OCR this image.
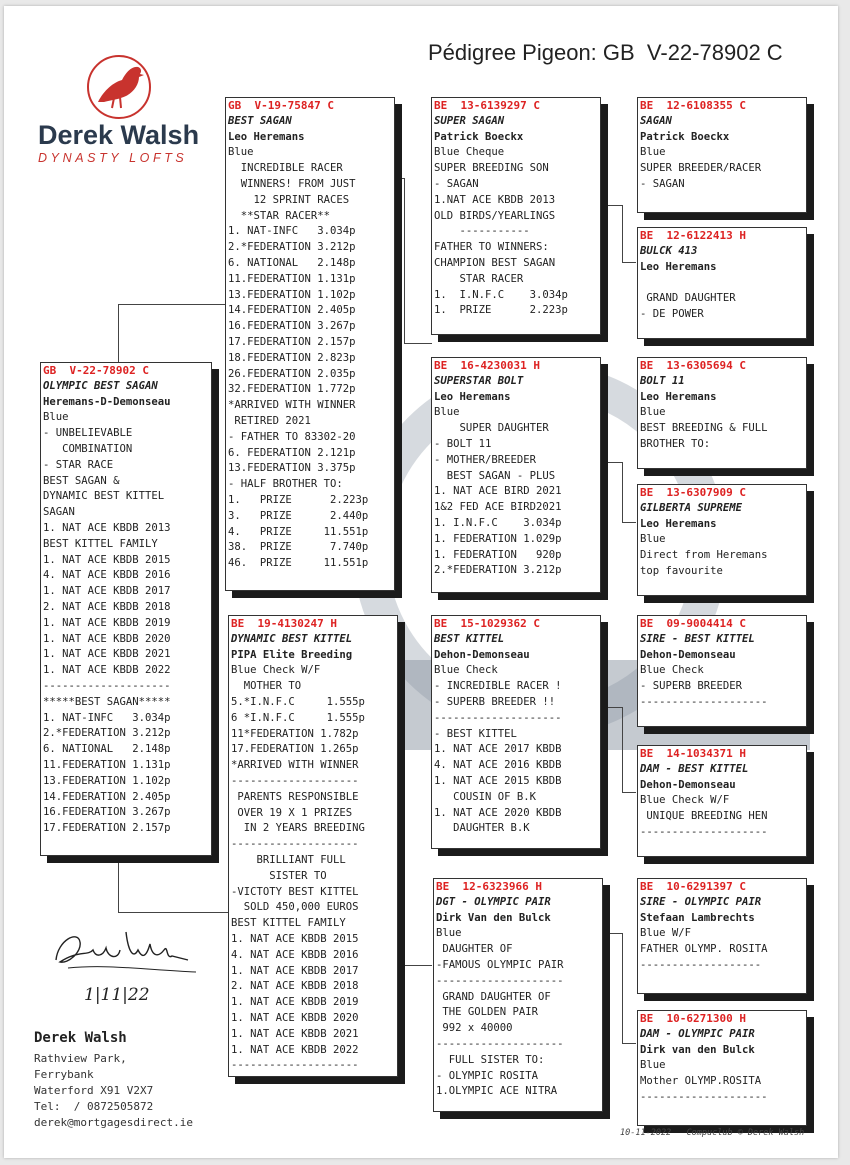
Pédigree Pigeon: GB  V-22-78902 C
Derek Walsh
DYNASTY LOFTS
GB  V-22-78902 C
OLYMPIC BEST SAGAN
Heremans-D-Demonseau
Blue
- UNBELIEVABLE
COMBINATION
- STAR RACE
BEST SAGAN &
DYNAMIC BEST KITTEL
SAGAN
1. NAT ACE KBDB 2013
BEST KITTEL FAMILY
1. NAT ACE KBDB 2015
4. NAT ACE KBDB 2016
1. NAT ACE KBDB 2017
2. NAT ACE KBDB 2018
1. NAT ACE KBDB 2019
1. NAT ACE KBDB 2020
1. NAT ACE KBDB 2021
1. NAT ACE KBDB 2022
--------------------
*****BEST SAGAN*****
1. NAT-INFC   3.034p
2.*FEDERATION 3.212p
6. NATIONAL   2.148p
11.FEDERATION 1.131p
13.FEDERATION 1.102p
14.FEDERATION 2.405p
16.FEDERATION 3.267p
17.FEDERATION 2.157p
GB  V-19-75847 C
BEST SAGAN
Leo Heremans
Blue
INCREDIBLE RACER
WINNERS! FROM JUST
12 SPRINT RACES
**STAR RACER**
1. NAT-INFC   3.034p
2.*FEDERATION 3.212p
6. NATIONAL   2.148p
11.FEDERATION 1.131p
13.FEDERATION 1.102p
14.FEDERATION 2.405p
16.FEDERATION 3.267p
17.FEDERATION 2.157p
18.FEDERATION 2.823p
26.FEDERATION 2.035p
32.FEDERATION 1.772p
*ARRIVED WITH WINNER
RETIRED 2021
- FATHER TO 83302-20
6. FEDERATION 2.121p
13.FEDERATION 3.375p
- HALF BROTHER TO:
1.   PRIZE      2.223p
3.   PRIZE      2.440p
4.   PRIZE     11.551p
38.  PRIZE      7.740p
46.  PRIZE     11.551p
BE  19-4130247 H
DYNAMIC BEST KITTEL
PIPA Elite Breeding
Blue Check W/F
MOTHER TO
5.*I.N.F.C     1.555p
6 *I.N.F.C     1.555p
11*FEDERATION 1.782p
17.FEDERATION 1.265p
*ARRIVED WITH WINNER
--------------------
PARENTS RESPONSIBLE
OVER 19 X 1 PRIZES
IN 2 YEARS BREEDING
--------------------
BRILLIANT FULL
SISTER TO
-VICTOTY BEST KITTEL
SOLD 450,000 EUROS
BEST KITTEL FAMILY
1. NAT ACE KBDB 2015
4. NAT ACE KBDB 2016
1. NAT ACE KBDB 2017
2. NAT ACE KBDB 2018
1. NAT ACE KBDB 2019
1. NAT ACE KBDB 2020
1. NAT ACE KBDB 2021
1. NAT ACE KBDB 2022
--------------------
BE  13-6139297 C
SUPER SAGAN
Patrick Boeckx
Blue Cheque
SUPER BREEDING SON
- SAGAN
1.NAT ACE KBDB 2013
OLD BIRDS/YEARLINGS
-----------
FATHER TO WINNERS:
CHAMPION BEST SAGAN
STAR RACER
1.  I.N.F.C    3.034p
1.  PRIZE      2.223p
BE  16-4230031 H
SUPERSTAR BOLT
Leo Heremans
Blue
SUPER DAUGHTER
- BOLT 11
- MOTHER/BREEDER
BEST SAGAN - PLUS
1. NAT ACE BIRD 2021
1&2 FED ACE BIRD2021
1. I.N.F.C    3.034p
1. FEDERATION 1.029p
1. FEDERATION   920p
2.*FEDERATION 3.212p
BE  15-1029362 C
BEST KITTEL
Dehon-Demonseau
Blue Check
- INCREDIBLE RACER !
- SUPERB BREEDER !!
--------------------
- BEST KITTEL
1. NAT ACE 2017 KBDB
4. NAT ACE 2016 KBDB
1. NAT ACE 2015 KBDB
COUSIN OF B.K
1. NAT ACE 2020 KBDB
DAUGHTER B.K
BE  12-6323966 H
DGT - OLYMPIC PAIR
Dirk Van den Bulck
Blue
DAUGHTER OF
-FAMOUS OLYMPIC PAIR
--------------------
GRAND DAUGHTER OF
THE GOLDEN PAIR
992 x 40000
--------------------
FULL SISTER TO:
- OLYMPIC ROSITA
1.OLYMPIC ACE NITRA
BE  12-6108355 C
SAGAN
Patrick Boeckx
Blue
SUPER BREEDER/RACER
- SAGAN
BE  12-6122413 H
BULCK 413
Leo Heremans
GRAND DAUGHTER
- DE POWER
BE  13-6305694 C
BOLT 11
Leo Heremans
Blue
BEST BREEDING & FULL
BROTHER TO:
BE  13-6307909 C
GILBERTA SUPREME
Leo Heremans
Blue
Direct from Heremans
top favourite
BE  09-9004414 C
SIRE - BEST KITTEL
Dehon-Demonseau
Blue Check
- SUPERB BREEDER
--------------------
BE  14-1034371 H
DAM - BEST KITTEL
Dehon-Demonseau
Blue Check W/F
UNIQUE BREEDING HEN
--------------------
BE  10-6291397 C
SIRE - OLYMPIC PAIR
Stefaan Lambrechts
Blue W/F
FATHER OLYMP. ROSITA
-------------------
BE  10-6271300 H
DAM - OLYMPIC PAIR
Dirk van den Bulck
Blue
Mother OLYMP.ROSITA
--------------------
1|11|22
Derek Walsh
Rathview Park,
Ferrybank
Waterford X91 V2X7
Tel:  / 0872505872
derek@mortgagesdirect.ie
10-11-2022   Compuclub © Derek Walsh
